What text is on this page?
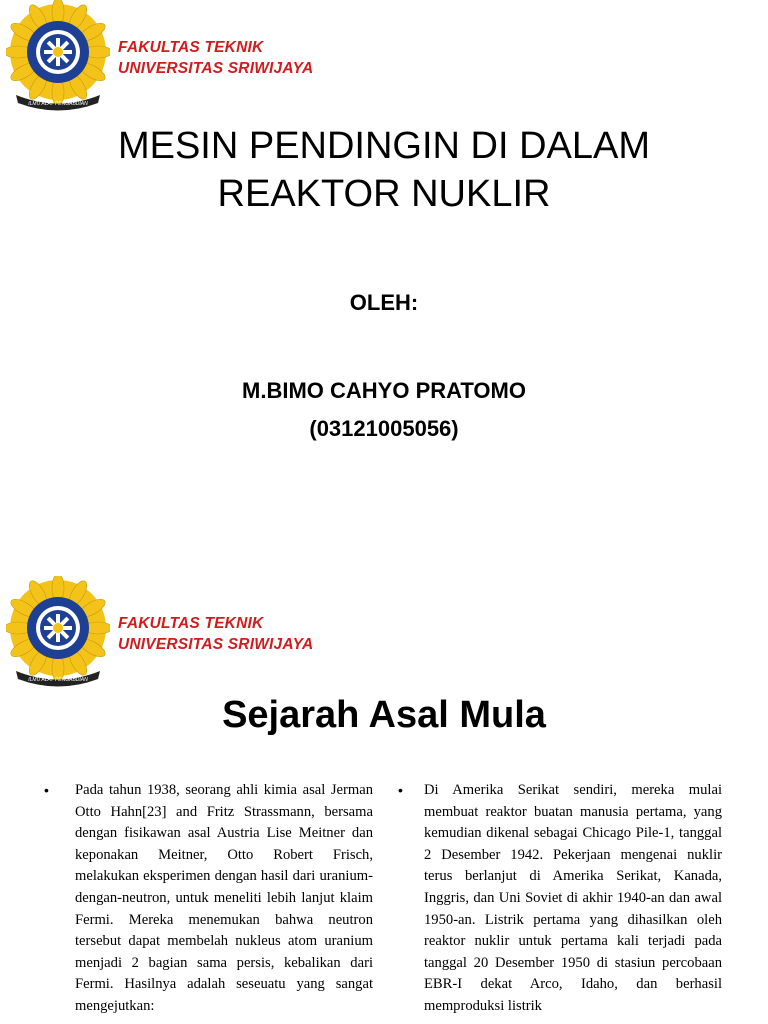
ILMU ALAT PENGABDIAN
FAKULTAS TEKNIK
UNIVERSITAS SRIWIJAYA
MESIN PENDINGIN DI DALAM
REAKTOR NUKLIR
OLEH:
M.BIMO CAHYO PRATOMO
(03121005056)
ILMU ALAT PENGABDIAN
FAKULTAS TEKNIK
UNIVERSITAS SRIWIJAYA
Sejarah Asal Mula
• Pada tahun 1938, seorang ahli kimia asal Jerman Otto Hahn[23] and Fritz Strassmann, bersama dengan fisikawan asal Austria Lise Meitner dan keponakan Meitner, Otto Robert Frisch, melakukan eksperimen dengan hasil dari uranium-dengan-neutron, untuk meneliti lebih lanjut klaim Fermi. Mereka menemukan bahwa neutron tersebut dapat membelah nukleus atom uranium menjadi 2 bagian sama persis, kebalikan dari Fermi. Hasilnya adalah seseuatu yang sangat mengejutkan:
• Di Amerika Serikat sendiri, mereka mulai membuat reaktor buatan manusia pertama, yang kemudian dikenal sebagai Chicago Pile-1, tanggal 2 Desember 1942. Pekerjaan mengenai nuklir terus berlanjut di Amerika Serikat, Kanada, Inggris, dan Uni Soviet di akhir 1940-an dan awal 1950-an. Listrik pertama yang dihasilkan oleh reaktor nuklir untuk pertama kali terjadi pada tanggal 20 Desember 1950 di stasiun percobaan EBR-I dekat Arco, Idaho, dan berhasil memproduksi listrik
